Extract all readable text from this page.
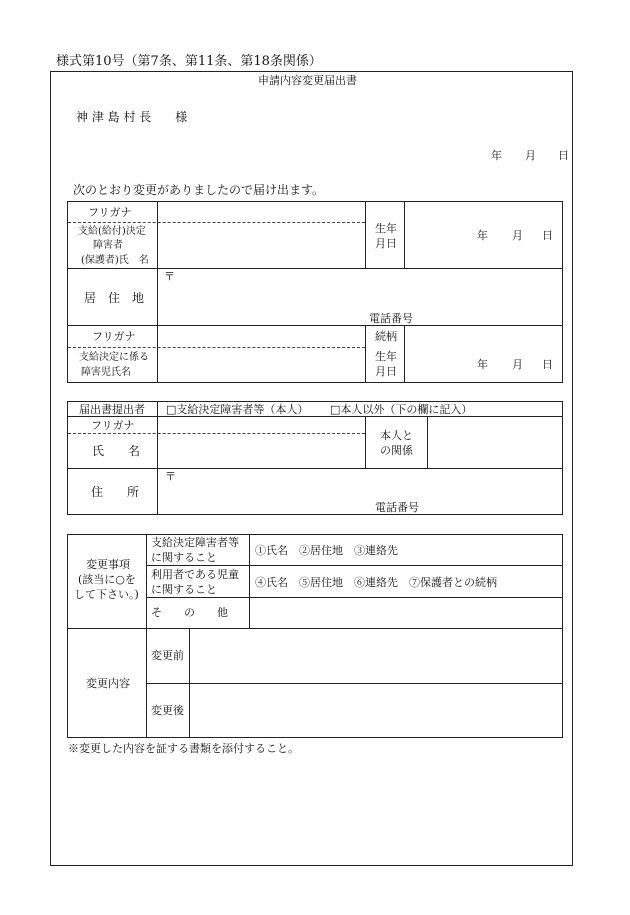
様式第10号（第7条、第11条、第18条関係）
申請内容変更届出書
神 津 島 村 長　　様
年 月 日
次のとおり変更がありましたので届け出ます。
フリガナ
支給(給付)決定
障害者
(保護者)氏　名
生年
月日
年 月 日
〒
居　住　地
電話番号
フリガナ	続柄
支給決定に係る
障害児氏名
生年
月日
年 月 日
届出書提出者 □支給決定障害者等（本人） □本人以外（下の欄に記入）
フリガナ
氏　　名
本人と
の関係
〒
住　　所
電話番号
変更事項
(該当に○を
して下さい。)
支給決定障害者等
に関すること
①氏名　②居住地　③連絡先
利用者である児童
に関すること
④氏名　⑤居住地　⑥連絡先　⑦保護者との続柄
そ　　の　　他
変更内容
変更前
変更後
※変更した内容を証する書類を添付すること。
